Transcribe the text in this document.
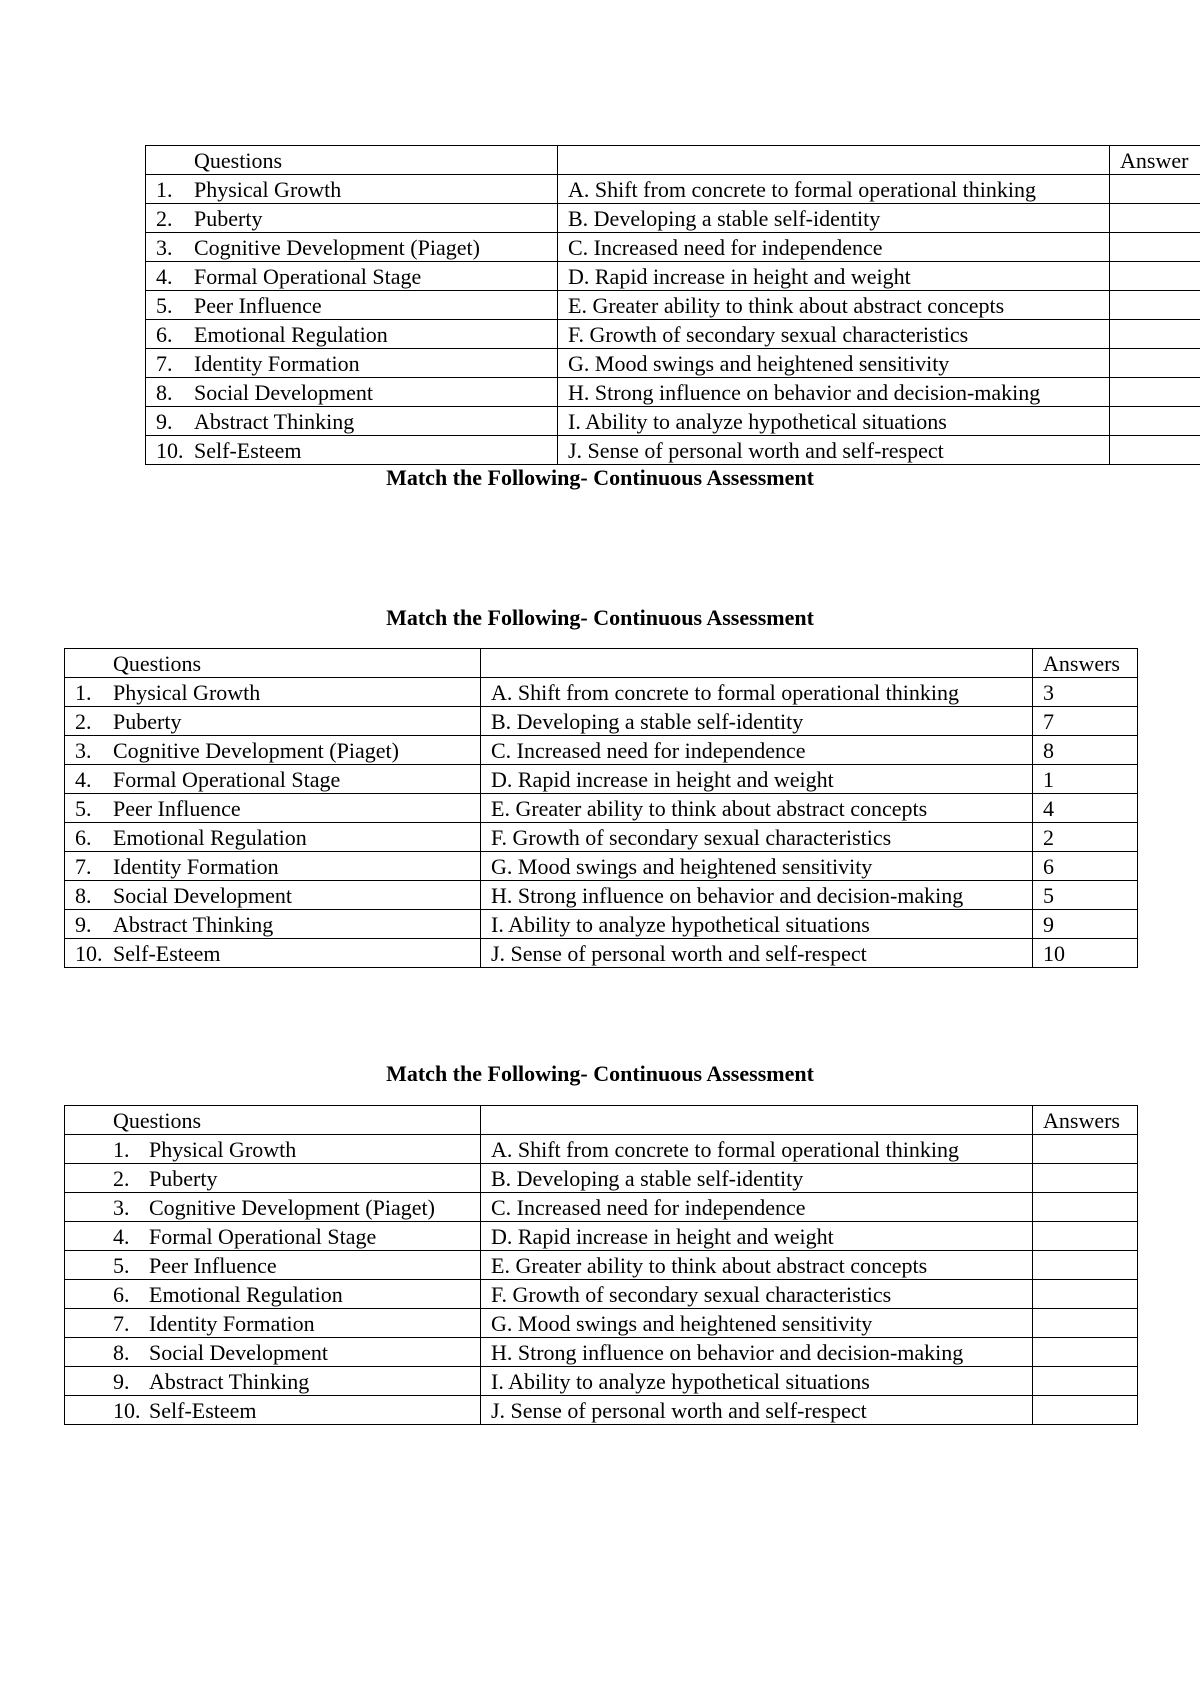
Questions		Answer
1. Physical Growth	A. Shift from concrete to formal operational thinking	
2. Puberty	B. Developing a stable self-identity	
3. Cognitive Development (Piaget)	C. Increased need for independence	
4. Formal Operational Stage	D. Rapid increase in height and weight	
5. Peer Influence	E. Greater ability to think about abstract concepts	
6. Emotional Regulation	F. Growth of secondary sexual characteristics	
7. Identity Formation	G. Mood swings and heightened sensitivity	
8. Social Development	H. Strong influence on behavior and decision-making	
9. Abstract Thinking	I. Ability to analyze hypothetical situations	
10. Self-Esteem	J. Sense of personal worth and self-respect	
Match the Following- Continuous Assessment
Match the Following- Continuous Assessment
Questions		Answers
1. Physical Growth	A. Shift from concrete to formal operational thinking	3
2. Puberty	B. Developing a stable self-identity	7
3. Cognitive Development (Piaget)	C. Increased need for independence	8
4. Formal Operational Stage	D. Rapid increase in height and weight	1
5. Peer Influence	E. Greater ability to think about abstract concepts	4
6. Emotional Regulation	F. Growth of secondary sexual characteristics	2
7. Identity Formation	G. Mood swings and heightened sensitivity	6
8. Social Development	H. Strong influence on behavior and decision-making	5
9. Abstract Thinking	I. Ability to analyze hypothetical situations	9
10. Self-Esteem	J. Sense of personal worth and self-respect	10
Match the Following- Continuous Assessment
Questions		Answers
1. Physical Growth	A. Shift from concrete to formal operational thinking	
2. Puberty	B. Developing a stable self-identity	
3. Cognitive Development (Piaget)	C. Increased need for independence	
4. Formal Operational Stage	D. Rapid increase in height and weight	
5. Peer Influence	E. Greater ability to think about abstract concepts	
6. Emotional Regulation	F. Growth of secondary sexual characteristics	
7. Identity Formation	G. Mood swings and heightened sensitivity	
8. Social Development	H. Strong influence on behavior and decision-making	
9. Abstract Thinking	I. Ability to analyze hypothetical situations	
10. Self-Esteem	J. Sense of personal worth and self-respect	
